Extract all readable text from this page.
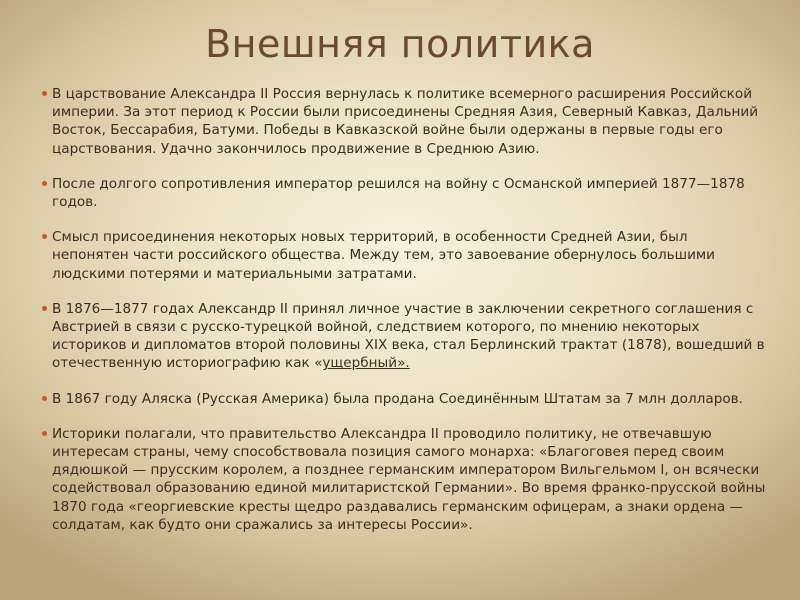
Внешняя политика
В царствование Александра II Россия вернулась к политике всемерного расширения Российской империи. За этот период к России были присоединены Средняя Азия, Северный Кавказ, Дальний Восток, Бессарабия, Батуми. Победы в Кавказской войне были одержаны в первые годы его царствования. Удачно закончилось продвижение в Среднюю Азию.
После долгого сопротивления император решился на войну с Османской империей 1877—1878 годов.
Смысл присоединения некоторых новых территорий, в особенности Средней Азии, был непонятен части российского общества. Между тем, это завоевание обернулось большими людскими потерями и материальными затратами.
В 1876—1877 годах Александр II принял личное участие в заключении секретного соглашения с Австрией в связи с русско-турецкой войной, следствием которого, по мнению некоторых историков и дипломатов второй половины XIX века, стал Берлинский трактат (1878), вошедший в отечественную историографию как «ущербный».
В 1867 году Аляска (Русская Америка) была продана Соединённым Штатам за 7 млн долларов.
Историки полагали, что правительство Александра II проводило политику, не отвечавшую интересам страны, чему способствовала позиция самого монарха: «Благоговея перед своим дядюшкой — прусским королем, а позднее германским императором Вильгельмом I, он всячески содействовал образованию единой милитаристской Германии». Во время франко-прусской войны 1870 года «георгиевские кресты щедро раздавались германским офицерам, а знаки ордена — солдатам, как будто они сражались за интересы России».
